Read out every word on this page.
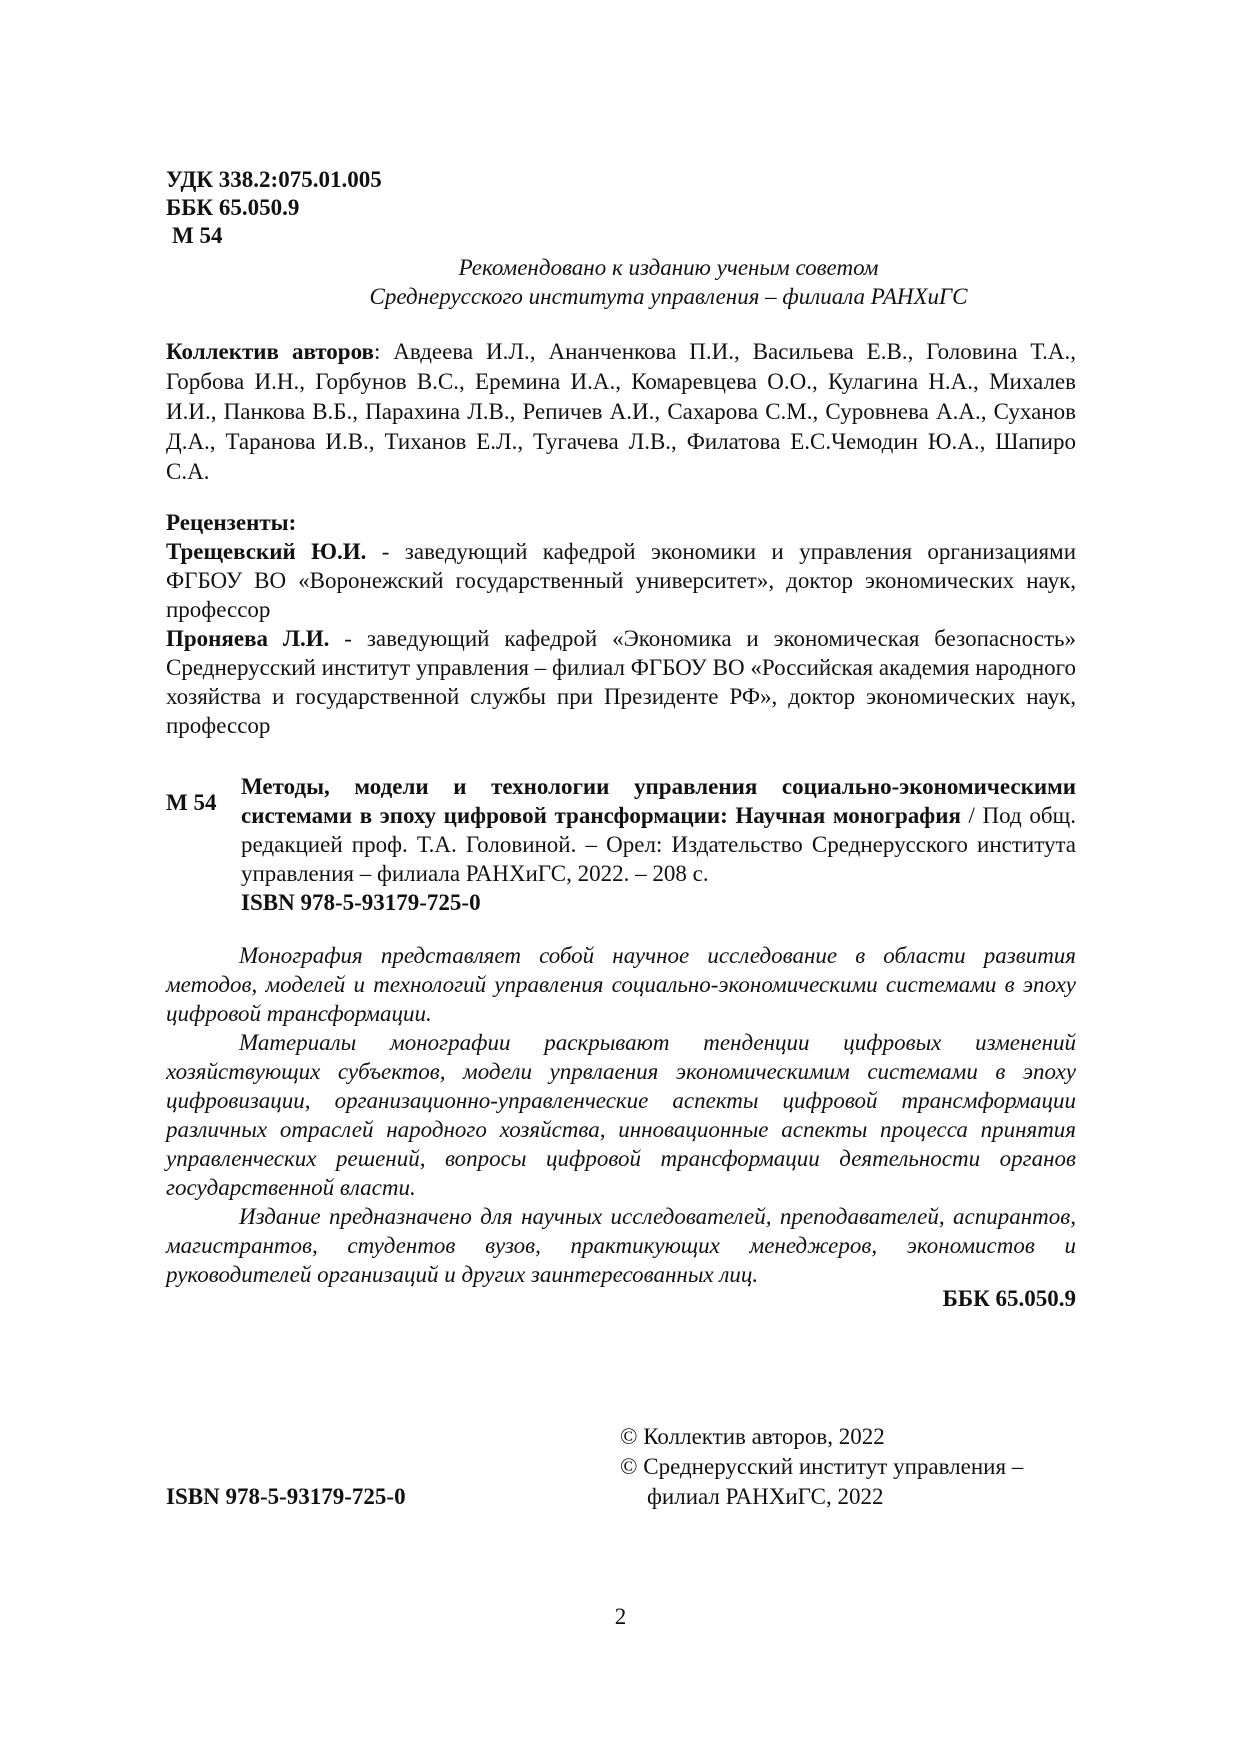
УДК 338.2:075.01.005
ББК 65.050.9
М 54
Рекомендовано к изданию ученым советом
Среднерусского института управления – филиала РАНХиГС
Коллектив авторов: Авдеева И.Л., Ананченкова П.И., Васильева Е.В., Головина Т.А., Горбова И.Н., Горбунов В.С., Еремина И.А., Комаревцева О.О., Кулагина Н.А., Михалев И.И., Панкова В.Б., Парахина Л.В., Репичев А.И., Сахарова С.М., Суровнева А.А., Суханов Д.А., Таранова И.В., Тиханов Е.Л., Тугачева Л.В., Филатова Е.С.Чемодин Ю.А., Шапиро С.А.
Рецензенты:
Трещевский Ю.И. - заведующий кафедрой экономики и управления организациями ФГБОУ ВО «Воронежский государственный университет», доктор экономических наук, профессор
Проняева Л.И. - заведующий кафедрой «Экономика и экономическая безопасность» Среднерусский институт управления – филиал ФГБОУ ВО «Российская академия народного хозяйства и государственной службы при Президенте РФ», доктор экономических наук, профессор
М 54
Методы, модели и технологии управления социально-экономическими системами в эпоху цифровой трансформации: Научная монография / Под общ. редакцией проф. Т.А. Головиной. – Орел: Издательство Среднерусского института управления – филиала РАНХиГС, 2022. – 208 с.
ISBN 978-5-93179-725-0

Монография представляет собой научное исследование в области развития методов, моделей и технологий управления социально-экономическими системами в эпоху цифровой трансформации.

Материалы монографии раскрывают тенденции цифровых изменений хозяйствующих субъектов, модели упрвлаения экономическимим системами в эпоху цифровизации, организационно-управленческие аспекты цифровой трансмформации различных отраслей народного хозяйства, инновационные аспекты процесса принятия управленческих решений, вопросы цифровой трансформации деятельности органов государственной власти.

Издание предназначено для научных исследователей, преподавателей, аспирантов, магистрантов, студентов вузов, практикующих менеджеров, экономистов и руководителей организаций и других заинтересованных лиц.

ББК 65.050.9
© Коллектив авторов, 2022
© Среднерусский институт управления –
филиал РАНХиГС, 2022
ISBN 978-5-93179-725-0
2
